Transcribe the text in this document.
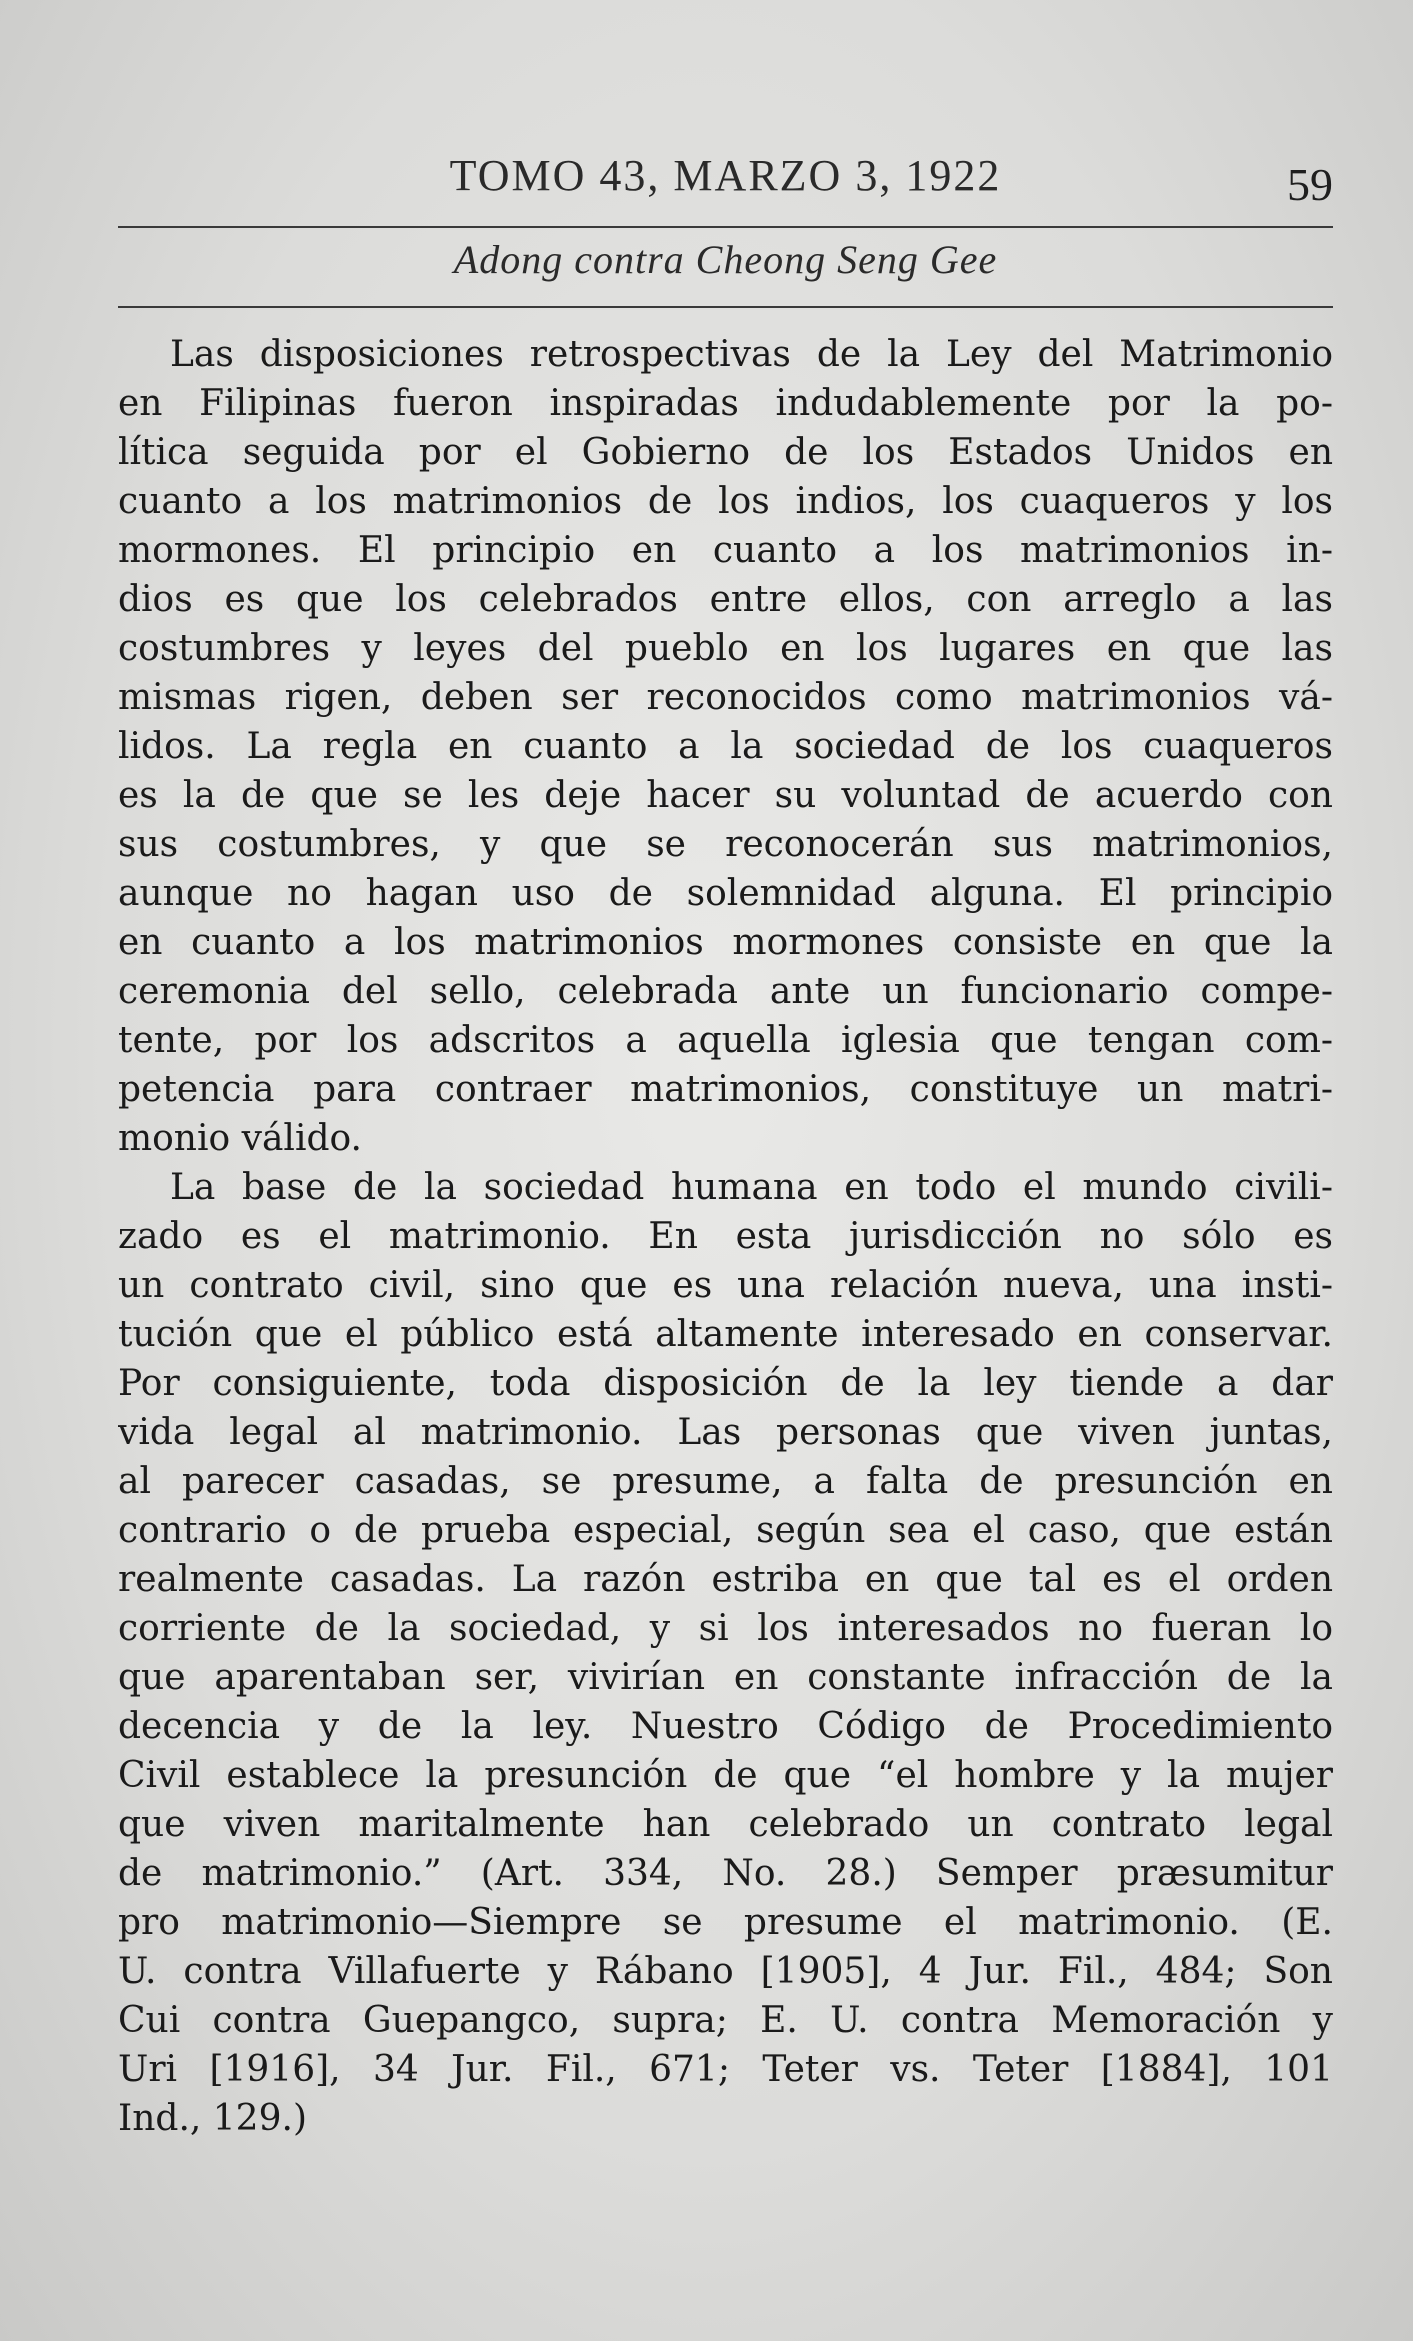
TOMO 43, MARZO 3, 1922	59
Adong contra Cheong Seng Gee
Las disposiciones retrospectivas de la Ley del Matrimonio
en Filipinas fueron inspiradas indudablemente por la po-
lítica seguida por el Gobierno de los Estados Unidos en
cuanto a los matrimonios de los indios, los cuaqueros y los
mormones. El principio en cuanto a los matrimonios in-
dios es que los celebrados entre ellos, con arreglo a las
costumbres y leyes del pueblo en los lugares en que las
mismas rigen, deben ser reconocidos como matrimonios vá-
lidos. La regla en cuanto a la sociedad de los cuaqueros
es la de que se les deje hacer su voluntad de acuerdo con
sus costumbres, y que se reconocerán sus matrimonios,
aunque no hagan uso de solemnidad alguna. El principio
en cuanto a los matrimonios mormones consiste en que la
ceremonia del sello, celebrada ante un funcionario compe-
tente, por los adscritos a aquella iglesia que tengan com-
petencia para contraer matrimonios, constituye un matri-
monio válido.
La base de la sociedad humana en todo el mundo civili-
zado es el matrimonio. En esta jurisdicción no sólo es
un contrato civil, sino que es una relación nueva, una insti-
tución que el público está altamente interesado en conservar.
Por consiguiente, toda disposición de la ley tiende a dar
vida legal al matrimonio. Las personas que viven juntas,
al parecer casadas, se presume, a falta de presunción en
contrario o de prueba especial, según sea el caso, que están
realmente casadas. La razón estriba en que tal es el orden
corriente de la sociedad, y si los interesados no fueran lo
que aparentaban ser, vivirían en constante infracción de la
decencia y de la ley. Nuestro Código de Procedimiento
Civil establece la presunción de que “el hombre y la mujer
que viven maritalmente han celebrado un contrato legal
de matrimonio.” (Art. 334, No. 28.) Semper præsumitur
pro matrimonio—Siempre se presume el matrimonio. (E.
U. contra Villafuerte y Rábano [1905], 4 Jur. Fil., 484; Son
Cui contra Guepangco, supra; E. U. contra Memoración y
Uri [1916], 34 Jur. Fil., 671; Teter vs. Teter [1884], 101
Ind., 129.)
